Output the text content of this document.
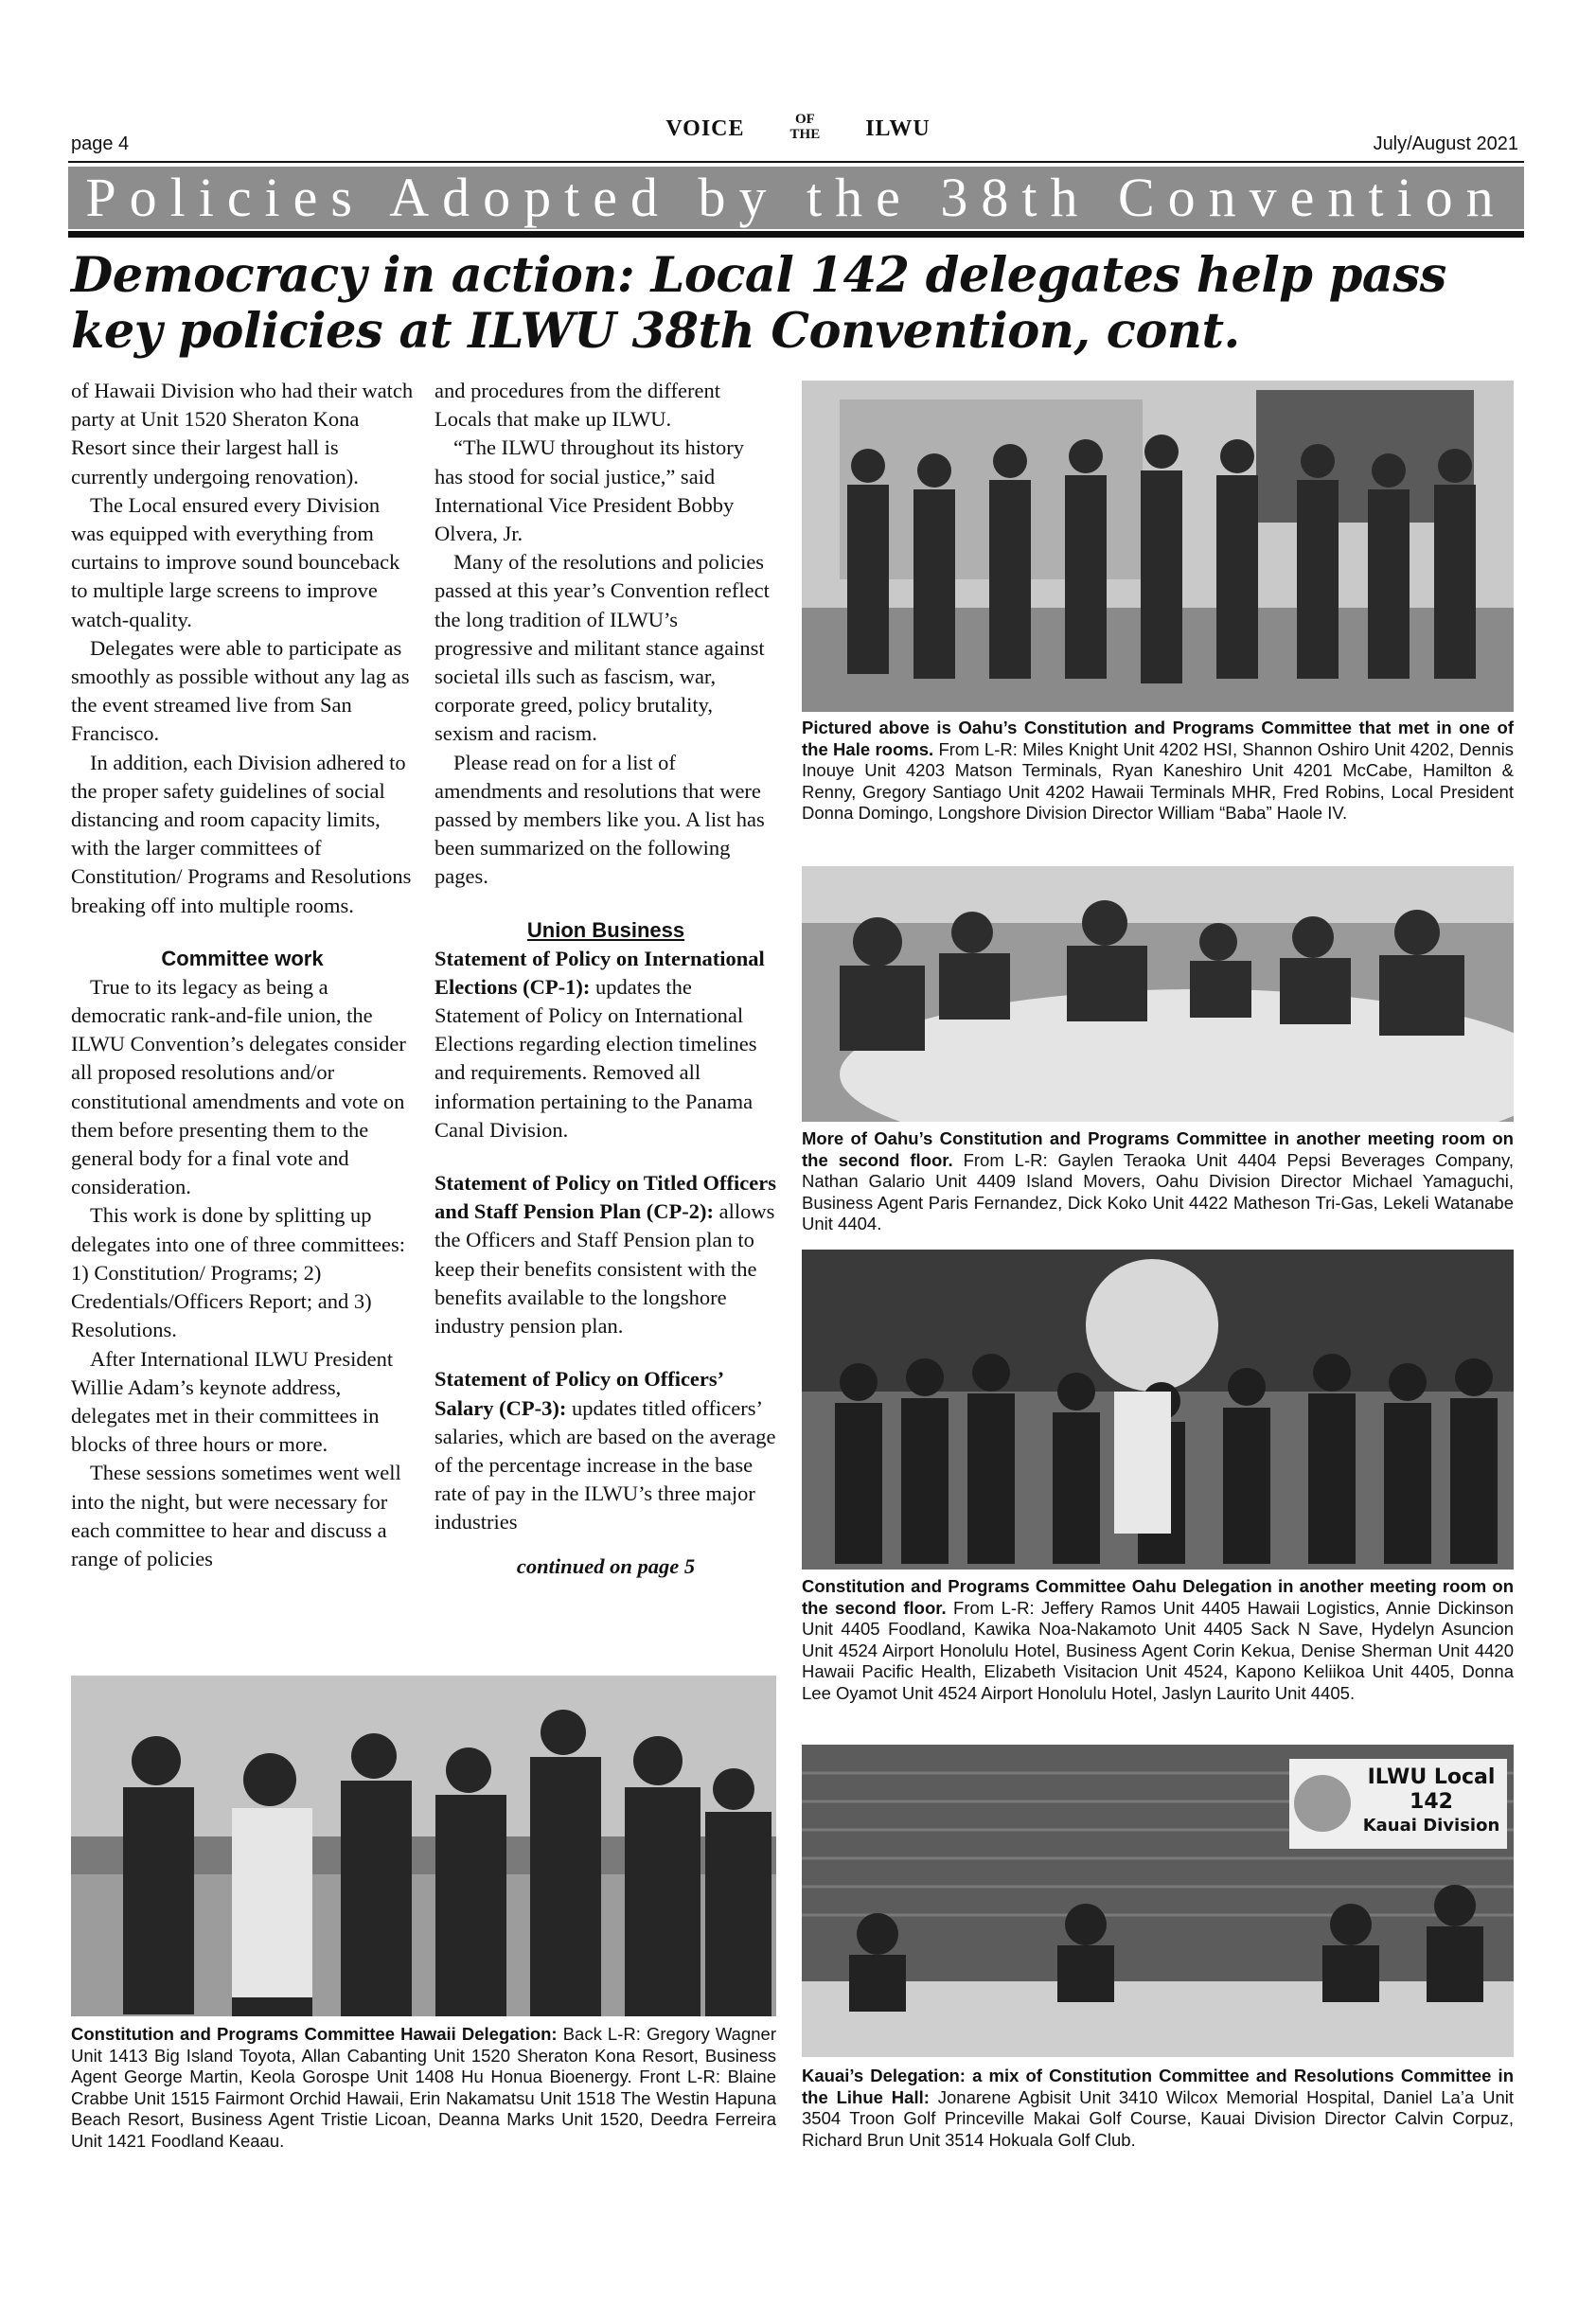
page 4
VOICE	OF
THE ILWU
July/August 2021
Policies Adopted by the 38th Convention
Democracy in action: Local 142 delegates help pass key policies at ILWU 38th Convention, cont.

of Hawaii Division who had their watch party at Unit 1520 Sheraton Kona Resort since their largest hall is currently undergoing renovation).

The Local ensured every Division was equipped with everything from curtains to improve sound bounceback to multiple large screens to improve watch-quality.

Delegates were able to participate as smoothly as possible without any lag as the event streamed live from San Francisco.

In addition, each Division adhered to the proper safety guidelines of social distancing and room capacity limits, with the larger committees of Constitution/ Programs and Resolutions breaking off into multiple rooms.

Committee work

True to its legacy as being a democratic rank-and-file union, the ILWU Convention’s delegates consider all proposed resolutions and/or constitutional amendments and vote on them before presenting them to the general body for a final vote and consideration.

This work is done by splitting up delegates into one of three committees: 1) Constitution/ Programs; 2) Credentials/Officers Report; and 3) Resolutions.

After International ILWU President Willie Adam’s keynote address, delegates met in their committees in blocks of three hours or more.

These sessions sometimes went well into the night, but were necessary for each committee to hear and discuss a range of policies

and procedures from the different Locals that make up ILWU.

“The ILWU throughout its history has stood for social justice,” said International Vice President Bobby Olvera, Jr.

Many of the resolutions and policies passed at this year’s Convention reflect the long tradition of ILWU’s progressive and militant stance against societal ills such as fascism, war, corporate greed, policy brutality, sexism and racism.

Please read on for a list of amendments and resolutions that were passed by members like you. A list has been summarized on the following pages.

Union Business

Statement of Policy on International Elections (CP-1): updates the Statement of Policy on International Elections regarding election timelines and requirements. Removed all information pertaining to the Panama Canal Division.

Statement of Policy on Titled Officers and Staff Pension Plan (CP-2): allows the Officers and Staff Pension plan to keep their benefits consistent with the benefits available to the longshore industry pension plan.

Statement of Policy on Officers’ Salary (CP-3): updates titled officers’ salaries, which are based on the average of the percentage increase in the base rate of pay in the ILWU’s three major industries

continued on page 5

Pictured above is Oahu’s Constitution and Programs Committee that met in one of the Hale rooms. From L-R: Miles Knight Unit 4202 HSI, Shannon Oshiro Unit 4202, Dennis Inouye Unit 4203 Matson Terminals, Ryan Kaneshiro Unit 4201 McCabe, Hamilton & Renny, Gregory Santiago Unit 4202 Hawaii Terminals MHR, Fred Robins, Local President Donna Domingo, Longshore Division Director William “Baba” Haole IV.
More of Oahu’s Constitution and Programs Committee in another meeting room on the second floor. From L-R: Gaylen Teraoka Unit 4404 Pepsi Beverages Company, Nathan Galario Unit 4409 Island Movers, Oahu Division Director Michael Yamaguchi, Business Agent Paris Fernandez, Dick Koko Unit 4422 Matheson Tri-Gas, Lekeli Watanabe Unit 4404.
Constitution and Programs Committee Oahu Delegation in another meeting room on the second floor. From L-R: Jeffery Ramos Unit 4405 Hawaii Logistics, Annie Dickinson Unit 4405 Foodland, Kawika Noa-Nakamoto Unit 4405 Sack N Save, Hydelyn Asuncion Unit 4524 Airport Honolulu Hotel, Business Agent Corin Kekua, Denise Sherman Unit 4420 Hawaii Pacific Health, Elizabeth Visitacion Unit 4524, Kapono Keliikoa Unit 4405, Donna Lee Oyamot Unit 4524 Airport Honolulu Hotel, Jaslyn Laurito Unit 4405.
Constitution and Programs Committee Hawaii Delegation: Back L-R: Gregory Wagner Unit 1413 Big Island Toyota, Allan Cabanting Unit 1520 Sheraton Kona Resort, Business Agent George Martin, Keola Gorospe Unit 1408 Hu Honua Bioenergy. Front L-R: Blaine Crabbe Unit 1515 Fairmont Orchid Hawaii, Erin Nakamatsu Unit 1518 The Westin Hapuna Beach Resort, Business Agent Tristie Licoan, Deanna Marks Unit 1520, Deedra Ferreira Unit 1421 Foodland Keaau.
ILWU Local 142
Kauai Division
Kauai’s Delegation: a mix of Constitution Committee and Resolutions Committee in the Lihue Hall: Jonarene Agbisit Unit 3410 Wilcox Memorial Hospital, Daniel La’a Unit 3504 Troon Golf Princeville Makai Golf Course, Kauai Division Director Calvin Corpuz, Richard Brun Unit 3514 Hokuala Golf Club.
